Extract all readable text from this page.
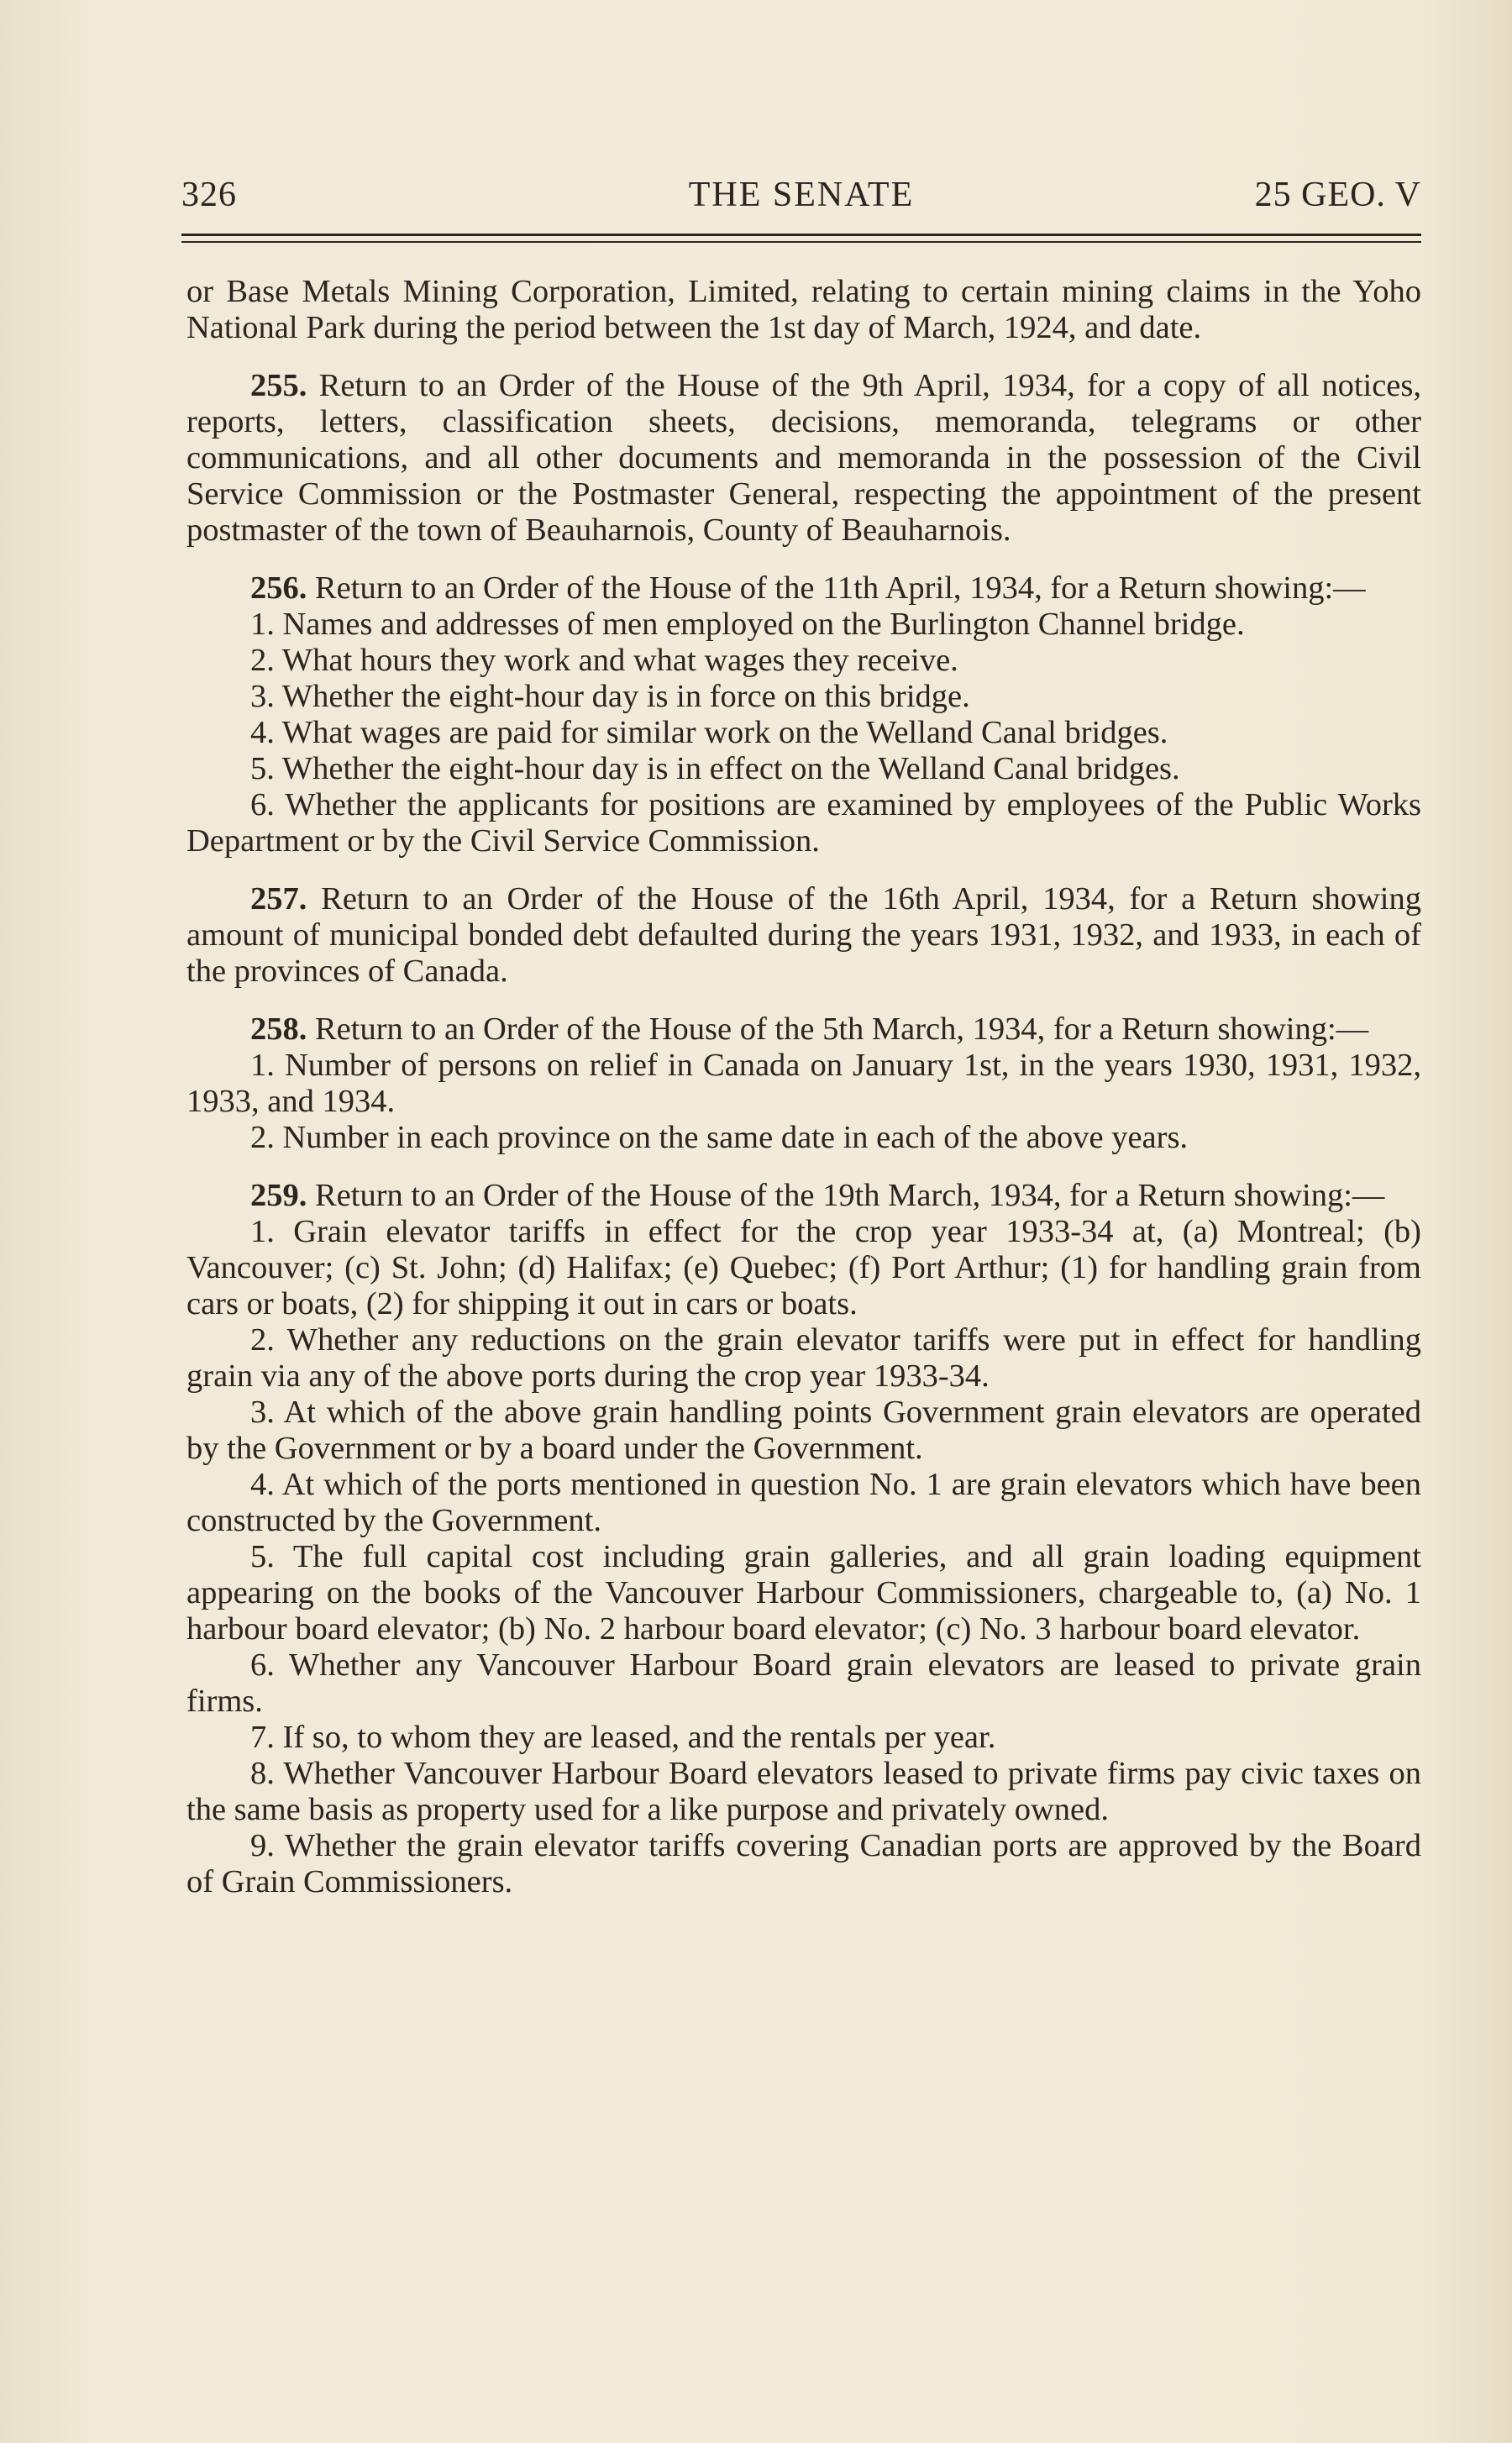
326	THE SENATE	25 GEO. V

or Base Metals Mining Corporation, Limited, relating to certain mining claims in the Yoho National Park during the period between the 1st day of March, 1924, and date.

255. Return to an Order of the House of the 9th April, 1934, for a copy of all notices, reports, letters, classification sheets, decisions, memoranda, telegrams or other communications, and all other documents and memoranda in the possession of the Civil Service Commission or the Postmaster General, respecting the appointment of the present postmaster of the town of Beauharnois, County of Beauharnois.

256. Return to an Order of the House of the 11th April, 1934, for a Return showing:—

1. Names and addresses of men employed on the Burlington Channel bridge.

2. What hours they work and what wages they receive.

3. Whether the eight-hour day is in force on this bridge.

4. What wages are paid for similar work on the Welland Canal bridges.

5. Whether the eight-hour day is in effect on the Welland Canal bridges.

6. Whether the applicants for positions are examined by employees of the Public Works Department or by the Civil Service Commission.

257. Return to an Order of the House of the 16th April, 1934, for a Return showing amount of municipal bonded debt defaulted during the years 1931, 1932, and 1933, in each of the provinces of Canada.

258. Return to an Order of the House of the 5th March, 1934, for a Return showing:—

1. Number of persons on relief in Canada on January 1st, in the years 1930, 1931, 1932, 1933, and 1934.

2. Number in each province on the same date in each of the above years.

259. Return to an Order of the House of the 19th March, 1934, for a Return showing:—

1. Grain elevator tariffs in effect for the crop year 1933-34 at, (a) Montreal; (b) Vancouver; (c) St. John; (d) Halifax; (e) Quebec; (f) Port Arthur; (1) for handling grain from cars or boats, (2) for shipping it out in cars or boats.

2. Whether any reductions on the grain elevator tariffs were put in effect for handling grain via any of the above ports during the crop year 1933-34.

3. At which of the above grain handling points Government grain elevators are operated by the Government or by a board under the Government.

4. At which of the ports mentioned in question No. 1 are grain elevators which have been constructed by the Government.

5. The full capital cost including grain galleries, and all grain loading equipment appearing on the books of the Vancouver Harbour Commissioners, chargeable to, (a) No. 1 harbour board elevator; (b) No. 2 harbour board elevator; (c) No. 3 harbour board elevator.

6. Whether any Vancouver Harbour Board grain elevators are leased to private grain firms.

7. If so, to whom they are leased, and the rentals per year.

8. Whether Vancouver Harbour Board elevators leased to private firms pay civic taxes on the same basis as property used for a like purpose and privately owned.

9. Whether the grain elevator tariffs covering Canadian ports are approved by the Board of Grain Commissioners.
